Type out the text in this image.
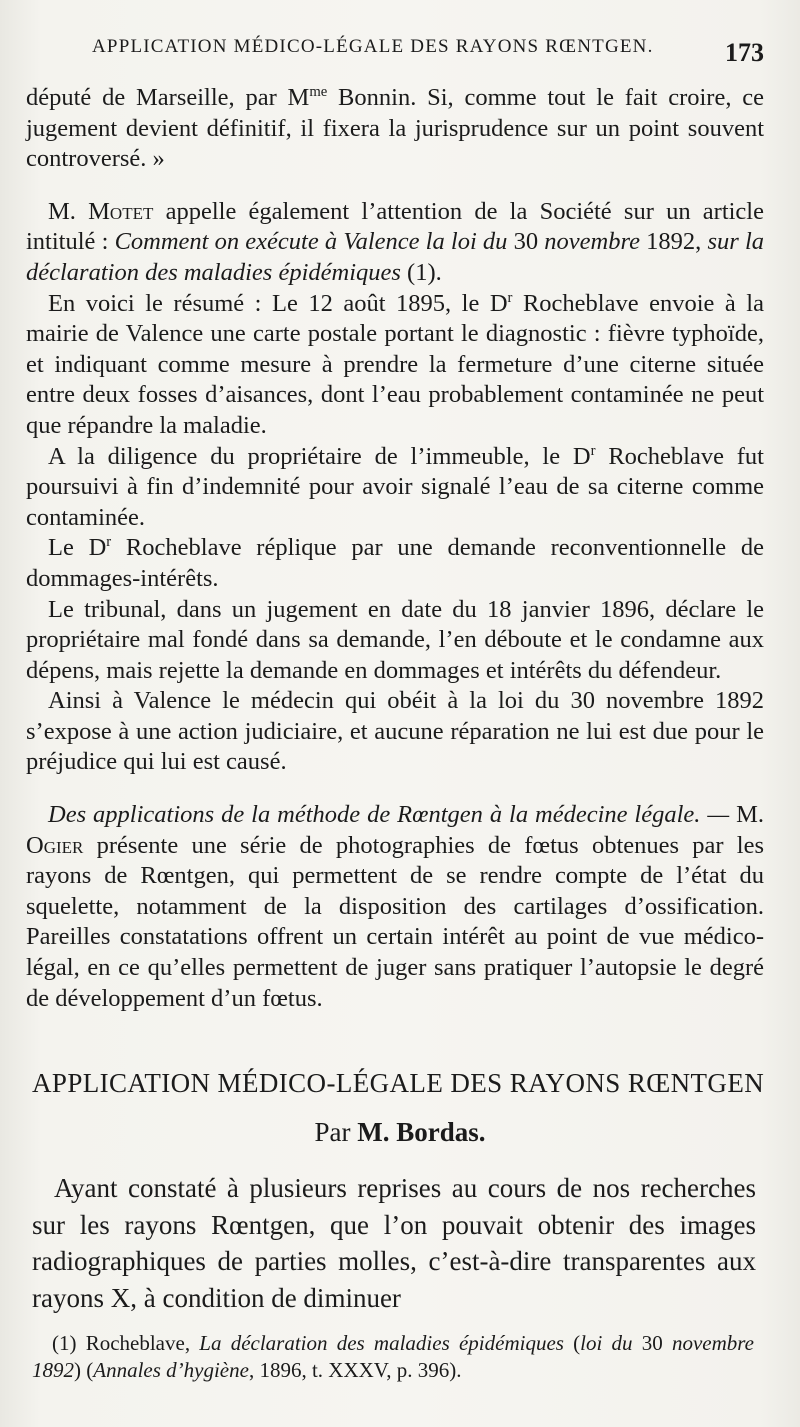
APPLICATION MÉDICO-LÉGALE DES RAYONS RŒNTGEN.	173

député de Marseille, par $M^{me}$ Bonnin. Si, comme tout le fait croire, ce jugement devient définitif, il fixera la jurisprudence sur un point souvent controversé. »

M. Motet appelle également l’attention de la Société sur un article intitulé : Comment on exécute à Valence la loi du 30 novembre 1892, sur la déclaration des maladies épidémiques (1).

En voici le résumé : Le 12 août 1895, le $D^r$ Rocheblave envoie à la mairie de Valence une carte postale portant le diagnostic : fièvre typhoïde, et indiquant comme mesure à prendre la fermeture d’une citerne située entre deux fosses d’aisances, dont l’eau probablement contaminée ne peut que répandre la maladie.

A la diligence du propriétaire de l’immeuble, le $D^r$ Rocheblave fut poursuivi à fin d’indemnité pour avoir signalé l’eau de sa citerne comme contaminée.

Le $D^r$ Rocheblave réplique par une demande reconventionnelle de dommages-intérêts.

Le tribunal, dans un jugement en date du 18 janvier 1896, déclare le propriétaire mal fondé dans sa demande, l’en déboute et le condamne aux dépens, mais rejette la demande en dommages et intérêts du défendeur.

Ainsi à Valence le médecin qui obéit à la loi du 30 novembre 1892 s’expose à une action judiciaire, et aucune réparation ne lui est due pour le préjudice qui lui est causé.

Des applications de la méthode de Rœntgen à la médecine légale. — M. Ogier présente une série de photographies de fœtus obtenues par les rayons de Rœntgen, qui permettent de se rendre compte de l’état du squelette, notamment de la disposition des cartilages d’ossification. Pareilles constatations offrent un certain intérêt au point de vue médico-légal, en ce qu’elles permettent de juger sans pratiquer l’autopsie le degré de développement d’un fœtus.

APPLICATION MÉDICO-LÉGALE DES RAYONS RŒNTGEN
Par M. Bordas.

Ayant constaté à plusieurs reprises au cours de nos recherches sur les rayons Rœntgen, que l’on pouvait obtenir des images radiographiques de parties molles, c’est-à-dire transparentes aux rayons X, à condition de diminuer

(1) Rocheblave, La déclaration des maladies épidémiques (loi du 30 novembre 1892) (Annales d’hygiène, 1896, t. XXXV, p. 396).
